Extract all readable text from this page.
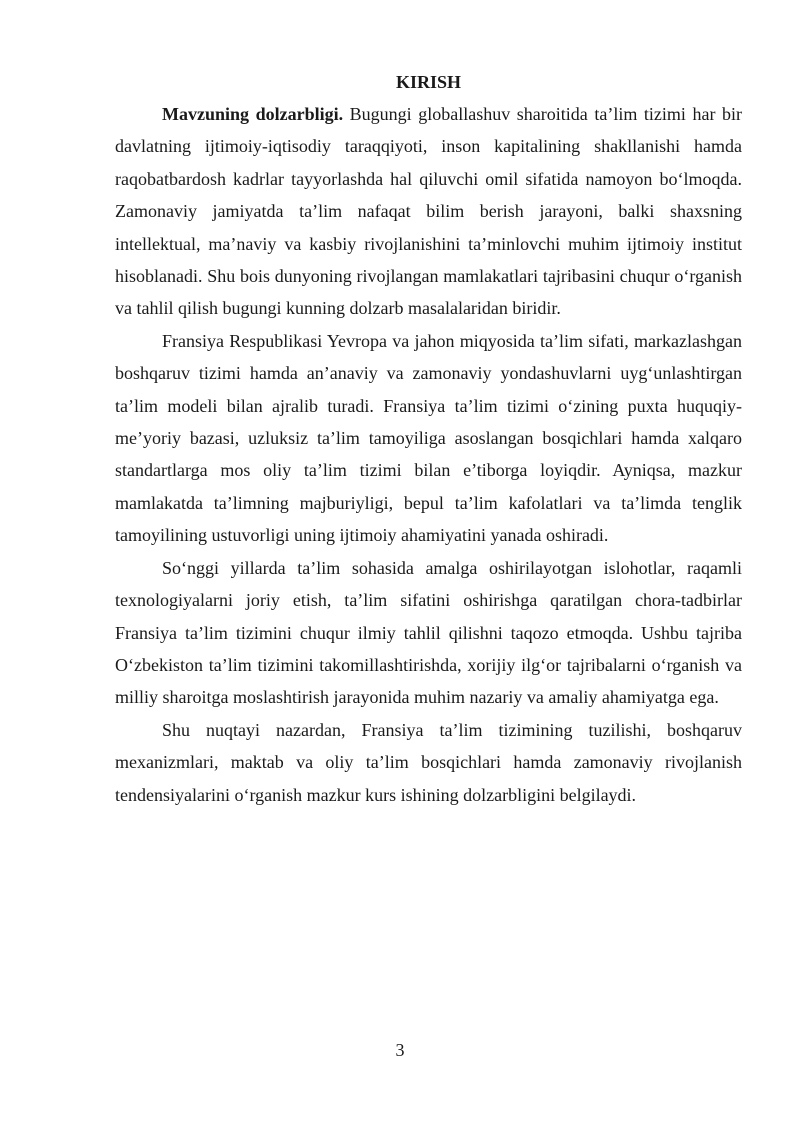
KIRISH

Mavzuning dolzarbligi. Bugungi globallashuv sharoitida ta’lim tizimi har bir davlatning ijtimoiy-iqtisodiy taraqqiyoti, inson kapitalining shakllanishi hamda raqobatbardosh kadrlar tayyorlashda hal qiluvchi omil sifatida namoyon bo‘lmoqda. Zamonaviy jamiyatda ta’lim nafaqat bilim berish jarayoni, balki shaxsning intellektual, ma’naviy va kasbiy rivojlanishini ta’minlovchi muhim ijtimoiy institut hisoblanadi. Shu bois dunyoning rivojlangan mamlakatlari tajribasini chuqur o‘rganish va tahlil qilish bugungi kunning dolzarb masalalaridan biridir.

Fransiya Respublikasi Yevropa va jahon miqyosida ta’lim sifati, markazlashgan boshqaruv tizimi hamda an’anaviy va zamonaviy yondashuvlarni uyg‘unlashtirgan ta’lim modeli bilan ajralib turadi. Fransiya ta’lim tizimi o‘zining puxta huquqiy-me’yoriy bazasi, uzluksiz ta’lim tamoyiliga asoslangan bosqichlari hamda xalqaro standartlarga mos oliy ta’lim tizimi bilan e’tiborga loyiqdir. Ayniqsa, mazkur mamlakatda ta’limning majburiyligi, bepul ta’lim kafolatlari va ta’limda tenglik tamoyilining ustuvorligi uning ijtimoiy ahamiyatini yanada oshiradi.

So‘nggi yillarda ta’lim sohasida amalga oshirilayotgan islohotlar, raqamli texnologiyalarni joriy etish, ta’lim sifatini oshirishga qaratilgan chora-tadbirlar Fransiya ta’lim tizimini chuqur ilmiy tahlil qilishni taqozo etmoqda. Ushbu tajriba O‘zbekiston ta’lim tizimini takomillashtirishda, xorijiy ilg‘or tajribalarni o‘rganish va milliy sharoitga moslashtirish jarayonida muhim nazariy va amaliy ahamiyatga ega.

Shu nuqtayi nazardan, Fransiya ta’lim tizimining tuzilishi, boshqaruv mexanizmlari, maktab va oliy ta’lim bosqichlari hamda zamonaviy rivojlanish tendensiyalarini o‘rganish mazkur kurs ishining dolzarbligini belgilaydi.

3
